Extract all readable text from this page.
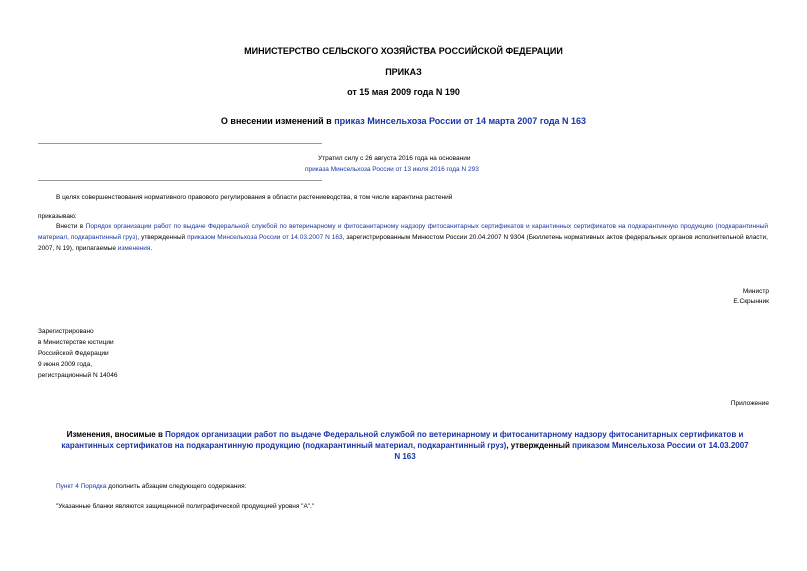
МИНИСТЕРСТВО СЕЛЬСКОГО ХОЗЯЙСТВА РОССИЙСКОЙ ФЕДЕРАЦИИ
ПРИКАЗ
от 15 мая 2009 года N 190
О внесении изменений в приказ Минсельхоза России от 14 марта 2007 года N 163
Утратил силу с 26 августа 2016 года на основании
приказа Минсельхоза России от 13 июля 2016 года N 293
В целях совершенствования нормативного правового регулирования в области растениеводства, в том числе карантина растений
приказываю:
Внести в Порядок организации работ по выдаче Федеральной службой по ветеринарному и фитосанитарному надзору фитосанитарных сертификатов и карантинных сертификатов на подкарантинную продукцию (подкарантинный материал, подкарантинный груз), утвержденный приказом Минсельхоза России от 14.03.2007 N 163, зарегистрированным Минюстом России 20.04.2007 N 9304 (Бюллетень нормативных актов федеральных органов исполнительной власти, 2007, N 19), прилагаемые изменения.
Министр
Е.Скрынник
Зарегистрировано
в Министерстве юстиции
Российской Федерации
9 июня 2009 года,
регистрационный N 14046
Приложение
Изменения, вносимые в Порядок организации работ по выдаче Федеральной службой по ветеринарному и фитосанитарному надзору фитосанитарных сертификатов и карантинных сертификатов на подкарантинную продукцию (подкарантинный материал, подкарантинный груз), утвержденный приказом Минсельхоза России от 14.03.2007 N 163
Пункт 4 Порядка дополнить абзацем следующего содержания:
"Указанные бланки являются защищенной полиграфической продукцией уровня "А"."
